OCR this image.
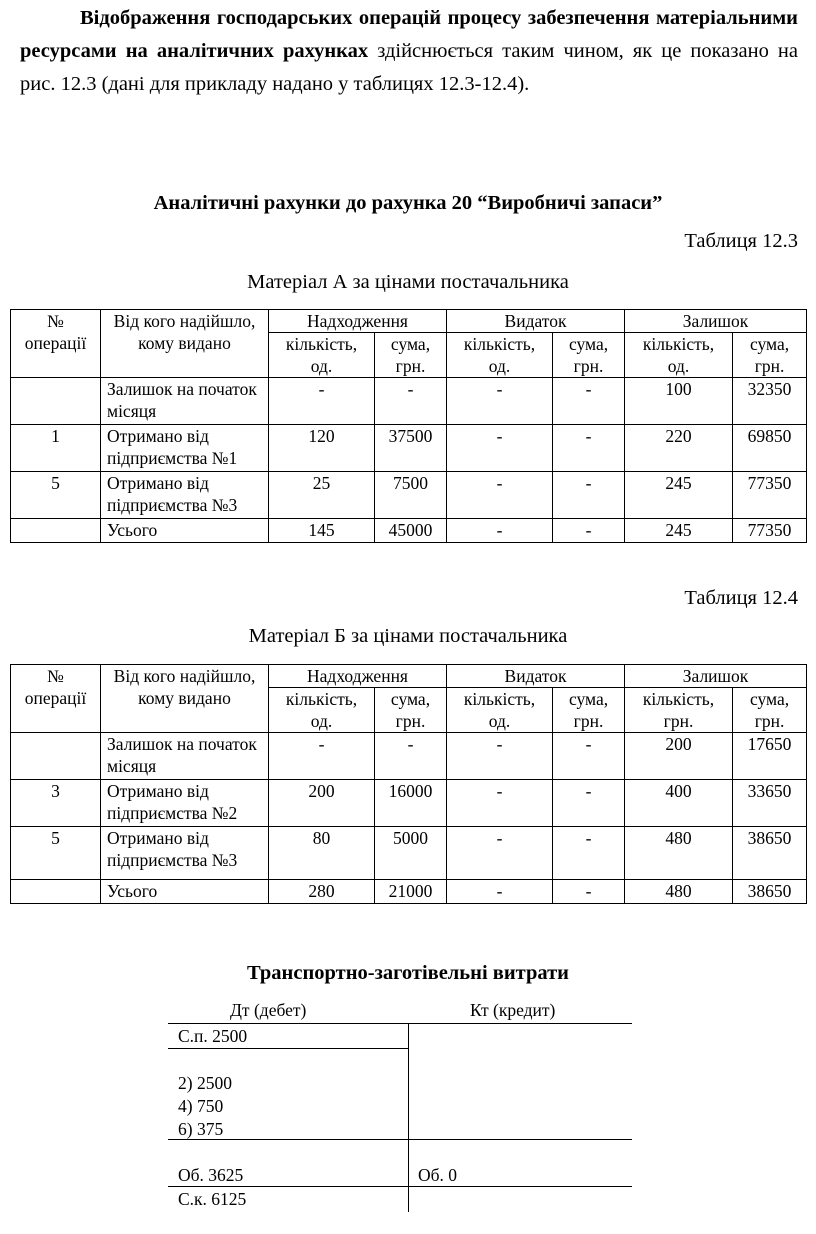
Відображення господарських операцій процесу забезпечення матеріальними ресурсами на аналітичних рахунках здійснюється таким чином, як це показано на рис. 12.3 (дані для прикладу надано у таблицях 12.3-12.4).
Аналітичні рахунки до рахунка 20 “Виробничі запаси”
Таблиця 12.3
Матеріал А за цінами постачальника
№ операції	Від кого надійшло, кому видано	Надходження		Видаток		Залишок	
		кількість, од.	сума, грн.	кількість, од.	сума, грн.	кількість, од.	сума, грн.
	Залишок на початок місяця	-	-	-	-	100	32350
1	Отримано від підприємства №1	120	37500	-	-	220	69850
5	Отримано від підприємства №3	25	7500	-	-	245	77350
	Усього	145	45000	-	-	245	77350
Таблиця 12.4
Матеріал Б за цінами постачальника
№ операції	Від кого надійшло, кому видано	Надходження		Видаток		Залишок	
		кількість, од.	сума, грн.	кількість, од.	сума, грн.	кількість, грн.	сума, грн.
	Залишок на початок місяця	-	-	-	-	200	17650
3	Отримано від підприємства №2	200	16000	-	-	400	33650
5	Отримано від підприємства №3	80	5000	-	-	480	38650
	Усього	280	21000	-	-	480	38650
Транспортно-заготівельні витрати
Дт (дебет)	Кт (кредит)
С.п. 2500
2) 2500
4) 750
6) 375
Об. 3625	Об. 0
С.к. 6125
